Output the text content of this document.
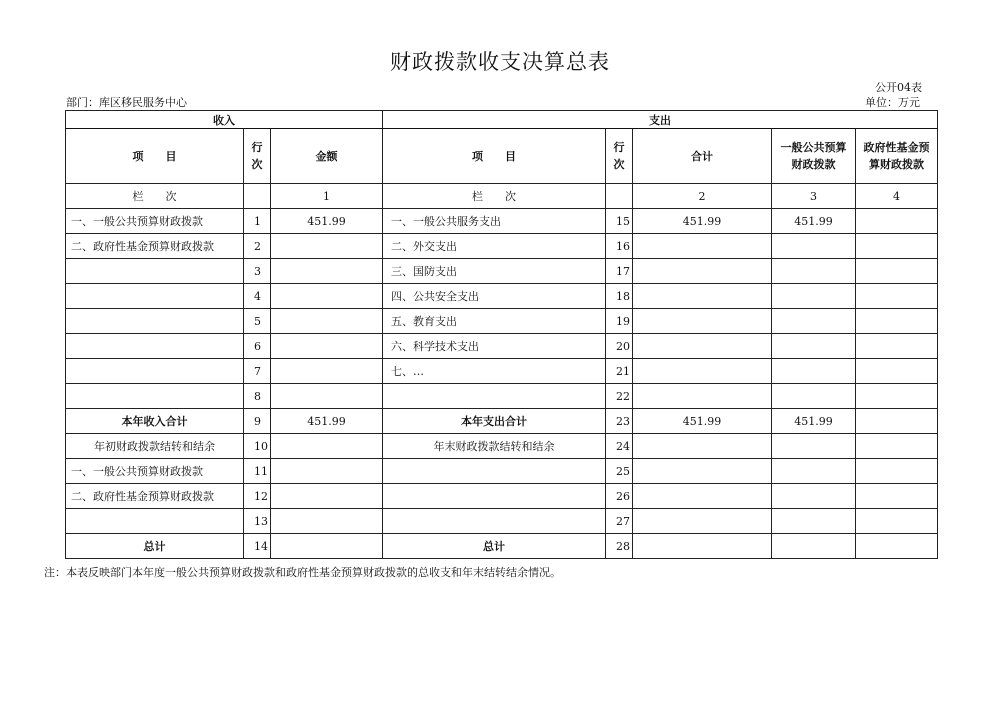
财政拨款收支决算总表
公开04表
部门：库区移民服务中心	单位：万元
收入			支出				
项　　目	行次	金额	项　　目	行次	合计	一般公共预算财政拨款	政府性基金预算财政拨款
栏　　次		1	栏　　次		2	3	4
一、一般公共预算财政拨款	1	451.99	一、一般公共服务支出	15	451.99	451.99	
二、政府性基金预算财政拨款	2		二、外交支出	16			
	3		三、国防支出	17			
	4		四、公共安全支出	18			
	5		五、教育支出	19			
	6		六、科学技术支出	20			
	7		七、…	21			
	8			22			
本年收入合计	9	451.99	本年支出合计	23	451.99	451.99	
年初财政拨款结转和结余	10		年末财政拨款结转和结余	24			
一、一般公共预算财政拨款	11			25			
二、政府性基金预算财政拨款	12			26			
	13			27			
总计	14		总计	28			
注：本表反映部门本年度一般公共预算财政拨款和政府性基金预算财政拨款的总收支和年末结转结余情况。
